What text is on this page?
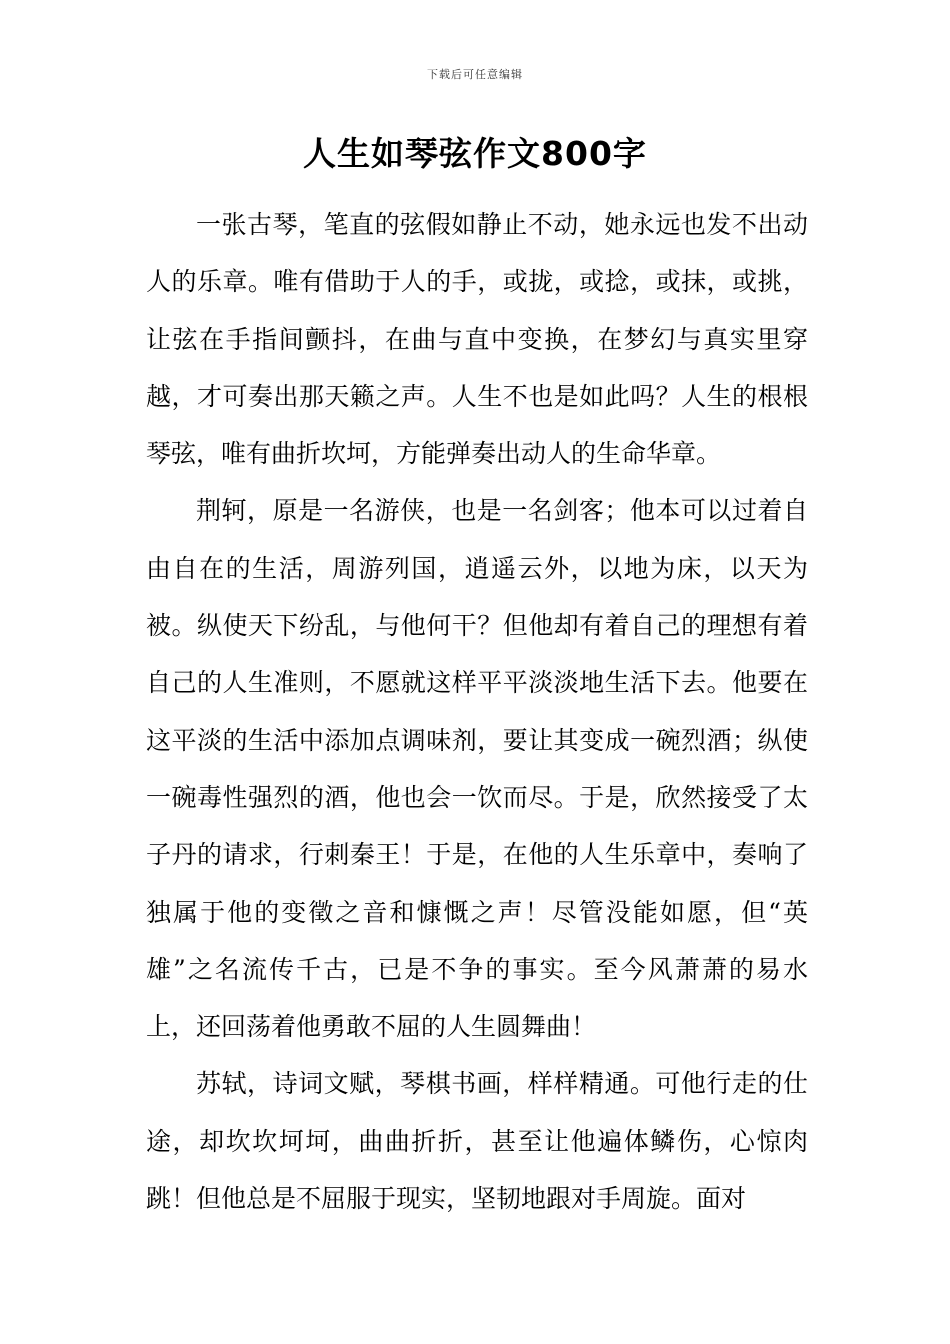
下载后可任意编辑
人生如琴弦作文800字

一张古琴，笔直的弦假如静止不动，她永远也发不出动人的乐章。唯有借助于人的手，或拢，或捻，或抹，或挑，让弦在手指间颤抖，在曲与直中变换，在梦幻与真实里穿越，才可奏出那天籁之声。人生不也是如此吗？人生的根根琴弦，唯有曲折坎坷，方能弹奏出动人的生命华章。

荆轲，原是一名游侠，也是一名剑客；他本可以过着自由自在的生活，周游列国，逍遥云外，以地为床，以天为被。纵使天下纷乱，与他何干？但他却有着自己的理想有着自己的人生准则，不愿就这样平平淡淡地生活下去。他要在这平淡的生活中添加点调味剂，要让其变成一碗烈酒；纵使一碗毒性强烈的酒，他也会一饮而尽。于是，欣然接受了太子丹的请求，行刺秦王！于是，在他的人生乐章中，奏响了独属于他的变徵之音和慷慨之声！尽管没能如愿，但“英雄”之名流传千古，已是不争的事实。至今风萧萧的易水上，还回荡着他勇敢不屈的人生圆舞曲！

苏轼，诗词文赋，琴棋书画，样样精通。可他行走的仕途，却坎坎坷坷，曲曲折折，甚至让他遍体鳞伤，心惊肉跳！但他总是不屈服于现实，坚韧地跟对手周旋。面对
